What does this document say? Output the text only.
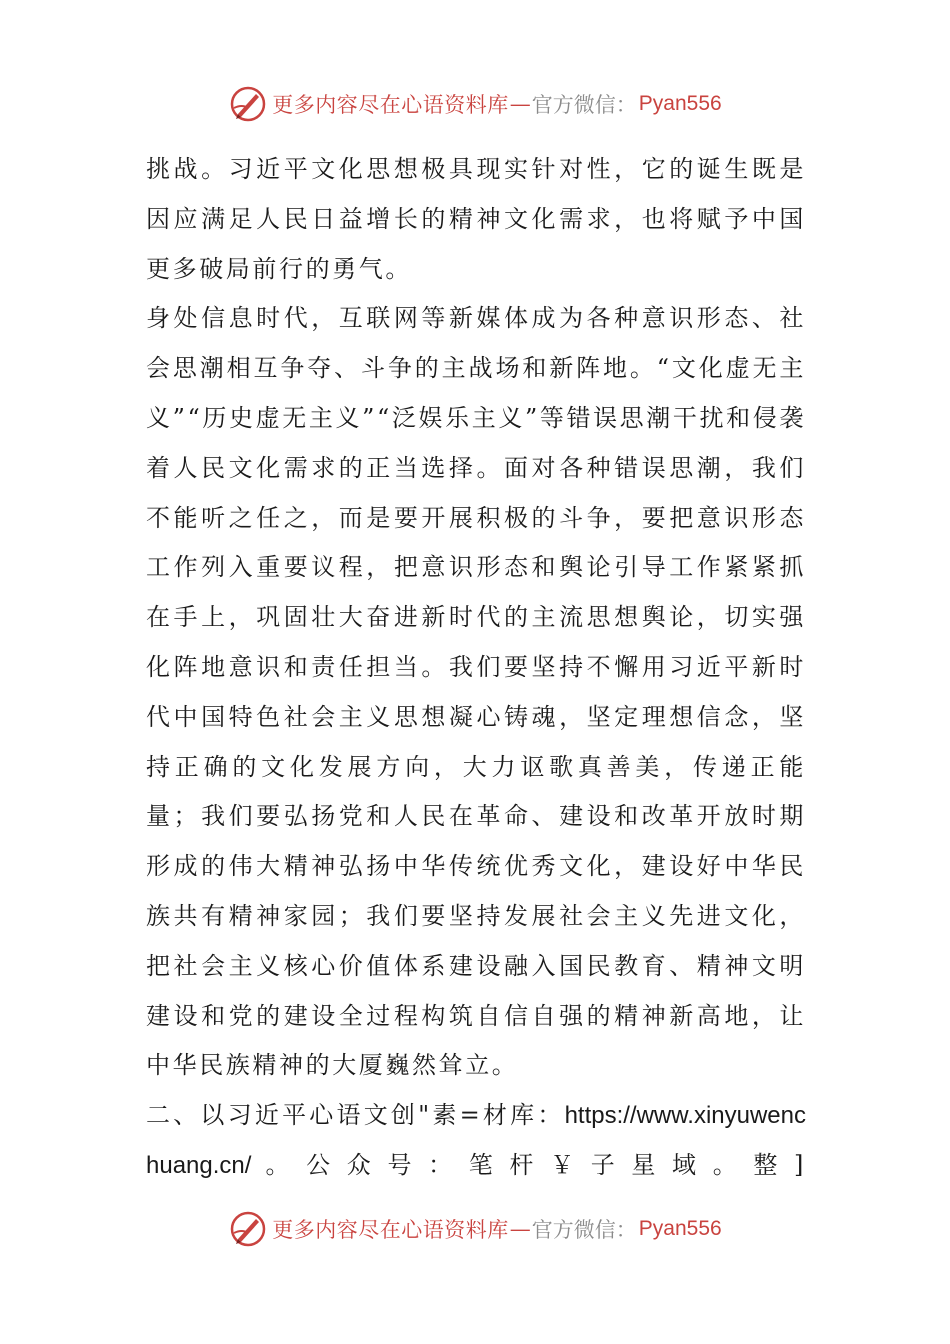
更多内容尽在心语资料库 — 官方微信： Pyan556

挑战。习近平文化思想极具现实针对性，它的诞生既是因应满足人民日益增长的精神文化需求，也将赋予中国更多破局前行的勇气。

身处信息时代，互联网等新媒体成为各种意识形态、社会思潮相互争夺、斗争的主战场和新阵地。“文化虚无主义”“历史虚无主义”“泛娱乐主义”等错误思潮干扰和侵袭着人民文化需求的正当选择。面对各种错误思潮，我们不能听之任之，而是要开展积极的斗争，要把意识形态工作列入重要议程，把意识形态和舆论引导工作紧紧抓在手上，巩固壮大奋进新时代的主流思想舆论，切实强化阵地意识和责任担当。我们要坚持不懈用习近平新时代中国特色社会主义思想凝心铸魂，坚定理想信念，坚持正确的文化发展方向，大力讴歌真善美，传递正能量；我们要弘扬党和人民在革命、建设和改革开放时期形成的伟大精神弘扬中华传统优秀文化，建设好中华民族共有精神家园；我们要坚持发展社会主义先进文化，把社会主义核心价值体系建设融入国民教育、精神文明建设和党的建设全过程构筑自信自强的精神新高地，让中华民族精神的大厦巍然耸立。

二、以习近平心语文创"素=材库：https://www.xinyuwenchuang.cn/。公众号：笔杆￥子星域。整]

更多内容尽在心语资料库 — 官方微信： Pyan556
